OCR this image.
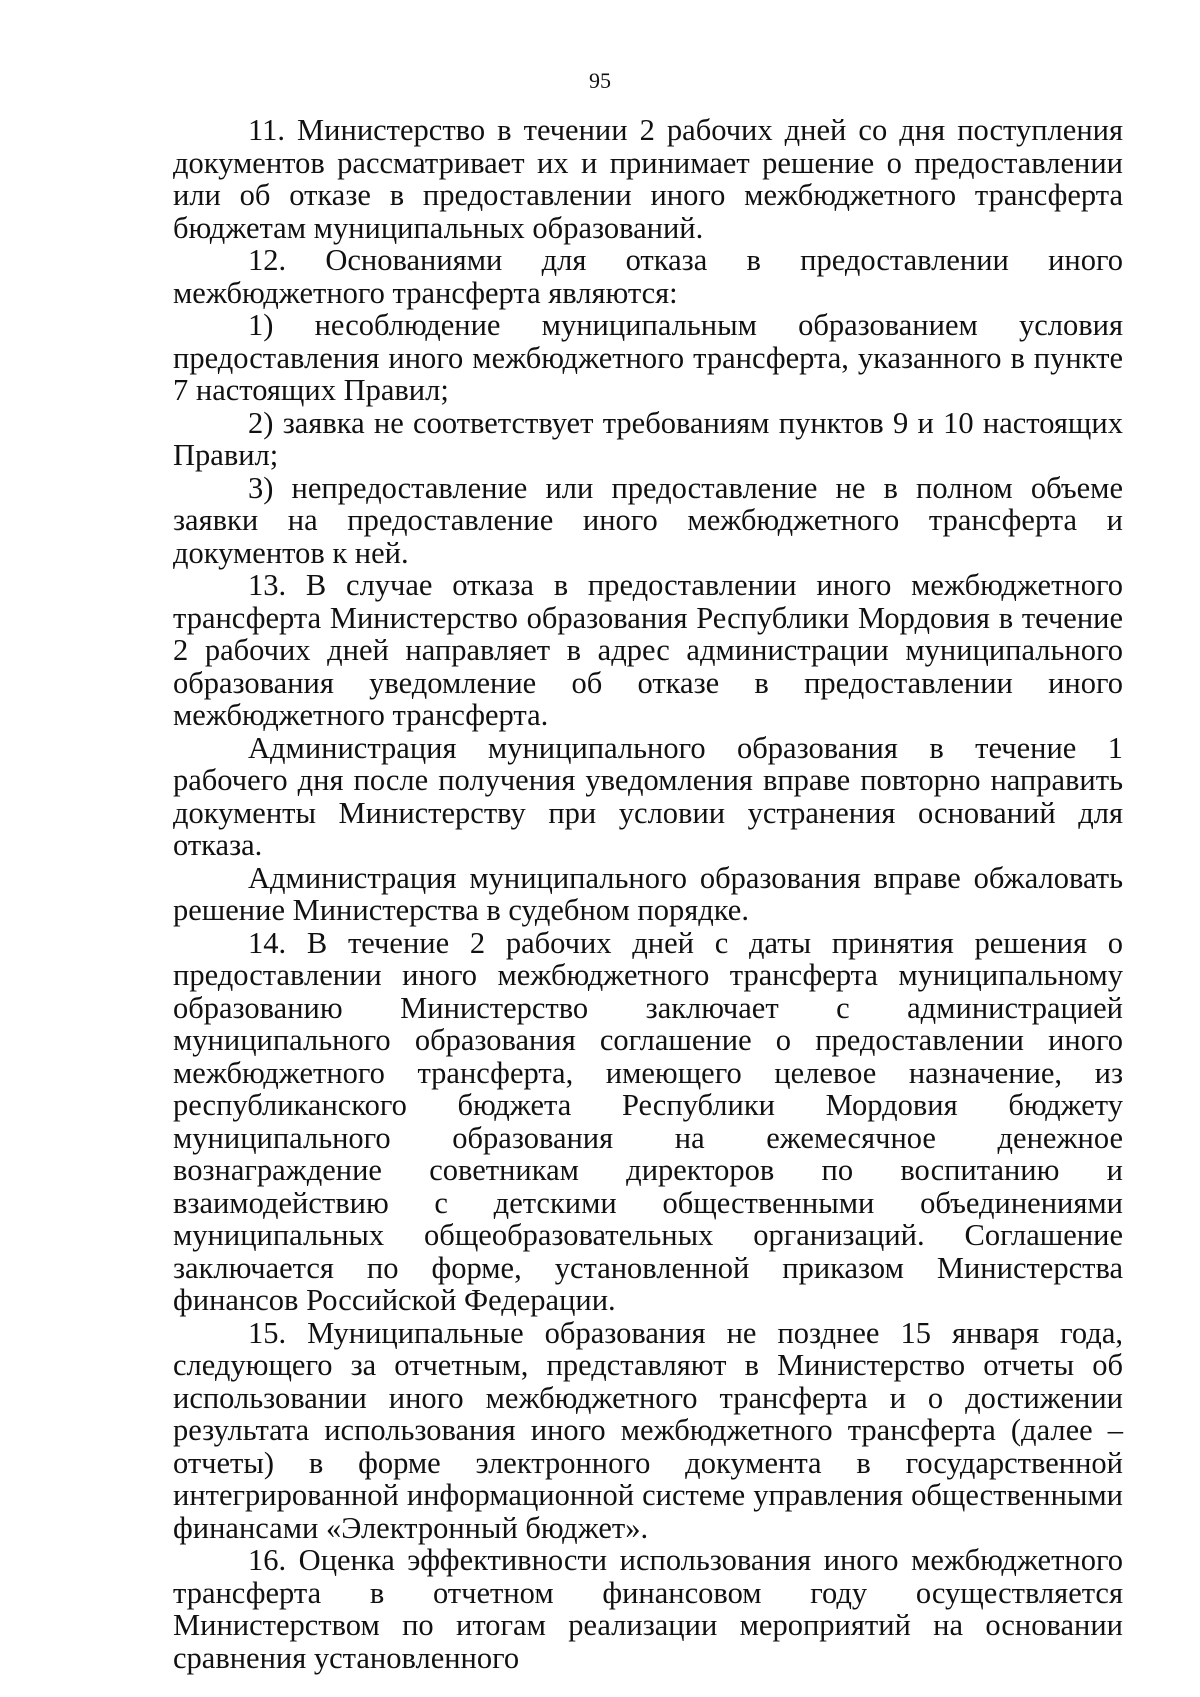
95

11. Министерство в течении 2 рабочих дней со дня поступления документов рассматривает их и принимает решение о предоставлении или об отказе в предоставлении иного межбюджетного трансферта бюджетам муниципальных образований.

12. Основаниями для отказа в предоставлении иного межбюджетного трансферта являются:

1) несоблюдение муниципальным образованием условия предоставления иного межбюджетного трансферта, указанного в пункте 7 настоящих Правил;

2) заявка не соответствует требованиям пунктов 9 и 10 настоящих Правил;

3) непредоставление или предоставление не в полном объеме заявки на предоставление иного межбюджетного трансферта и документов к ней.

13. В случае отказа в предоставлении иного межбюджетного трансферта Министерство образования Республики Мордовия в течение 2 рабочих дней направляет в адрес администрации муниципального образования уведомление об отказе в предоставлении иного межбюджетного трансферта.

Администрация муниципального образования в течение 1 рабочего дня после получения уведомления вправе повторно направить документы Министерству при условии устранения оснований для отказа.

Администрация муниципального образования вправе обжаловать решение Министерства в судебном порядке.

14. В течение 2 рабочих дней с даты принятия решения о предоставлении иного межбюджетного трансферта муниципальному образованию Министерство заключает с администрацией муниципального образования соглашение о предоставлении иного межбюджетного трансферта, имеющего целевое назначение, из республиканского бюджета Республики Мордовия бюджету муниципального образования на ежемесячное денежное вознаграждение советникам директоров по воспитанию и взаимодействию с детскими общественными объединениями муниципальных общеобразовательных организаций. Соглашение заключается по форме, установленной приказом Министерства финансов Российской Федерации.

15. Муниципальные образования не позднее 15 января года, следующего за отчетным, представляют в Министерство отчеты об использовании иного межбюджетного трансферта и о достижении результата использования иного межбюджетного трансферта (далее – отчеты) в форме электронного документа в государственной интегрированной информационной системе управления общественными финансами «Электронный бюджет».

16. Оценка эффективности использования иного межбюджетного трансферта в отчетном финансовом году осуществляется Министерством по итогам реализации мероприятий на основании сравнения установленного
